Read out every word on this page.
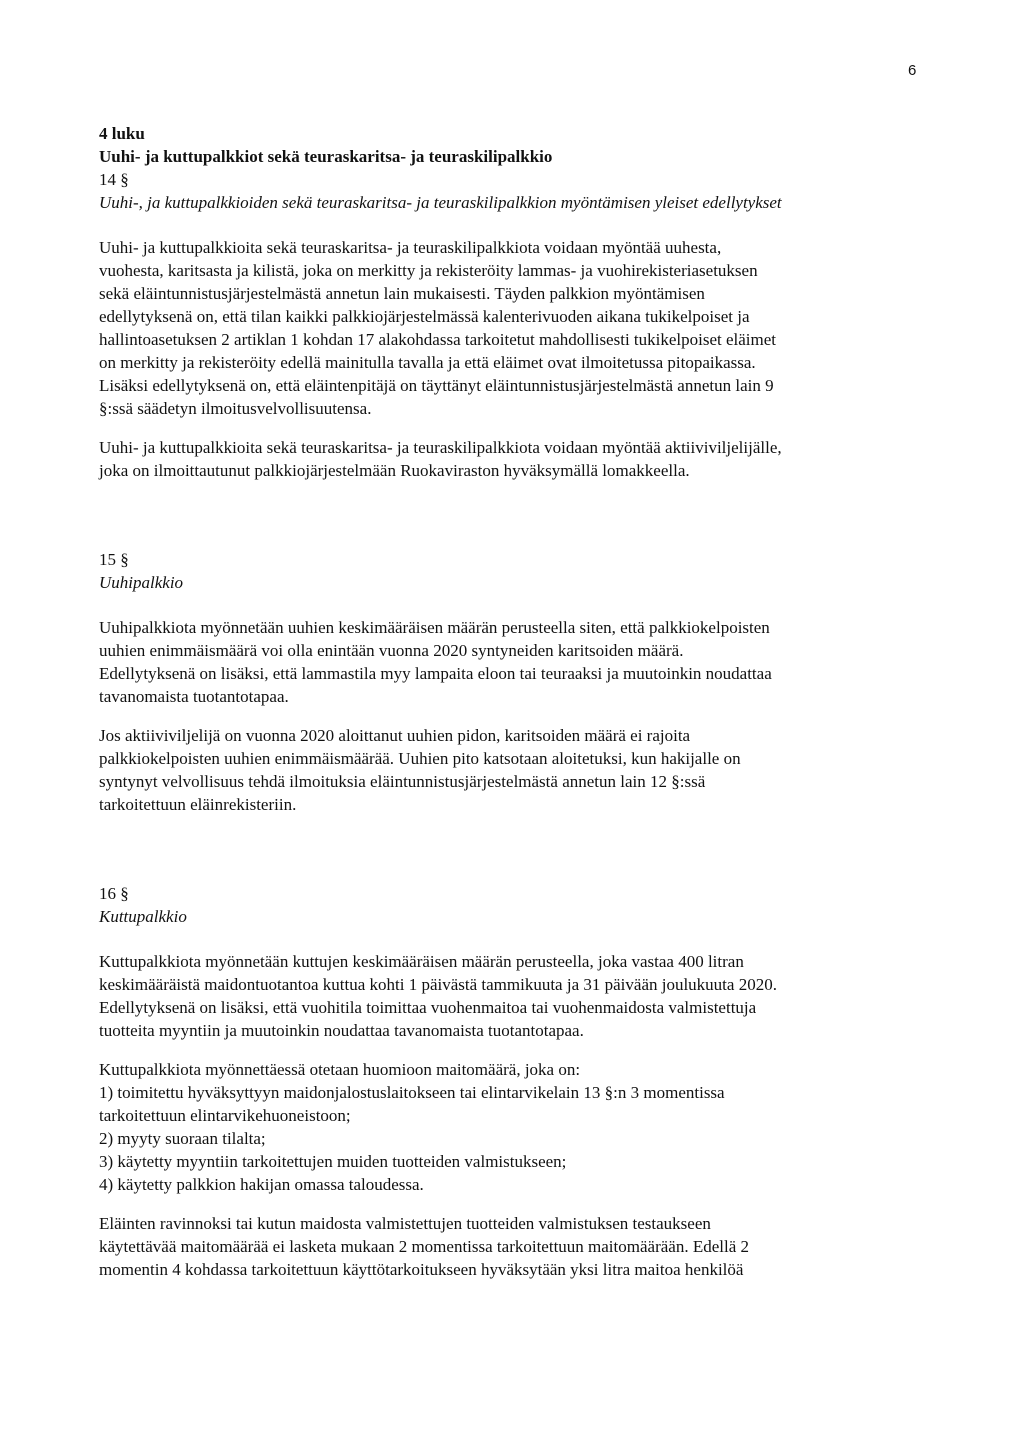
6
4 luku
Uuhi- ja kuttupalkkiot sekä teuraskaritsa- ja teuraskilipalkkio
14 §
Uuhi-, ja kuttupalkkioiden sekä teuraskaritsa- ja teuraskilipalkkion myöntämisen yleiset edellytykset
Uuhi- ja kuttupalkkioita sekä teuraskaritsa- ja teuraskilipalkkiota voidaan myöntää uuhesta,
vuohesta, karitsasta ja kilistä, joka on merkitty ja rekisteröity lammas- ja vuohirekisteriasetuksen
sekä eläintunnistusjärjestelmästä annetun lain mukaisesti. Täyden palkkion myöntämisen
edellytyksenä on, että tilan kaikki palkkiojärjestelmässä kalenterivuoden aikana tukikelpoiset ja
hallintoasetuksen 2 artiklan 1 kohdan 17 alakohdassa tarkoitetut mahdollisesti tukikelpoiset eläimet
on merkitty ja rekisteröity edellä mainitulla tavalla ja että eläimet ovat ilmoitetussa pitopaikassa.
Lisäksi edellytyksenä on, että eläintenpitäjä on täyttänyt eläintunnistusjärjestelmästä annetun lain 9
§:ssä säädetyn ilmoitusvelvollisuutensa.
Uuhi- ja kuttupalkkioita sekä teuraskaritsa- ja teuraskilipalkkiota voidaan myöntää aktiiviviljelijälle,
joka on ilmoittautunut palkkiojärjestelmään Ruokaviraston hyväksymällä lomakkeella.
15 §
Uuhipalkkio
Uuhipalkkiota myönnetään uuhien keskimääräisen määrän perusteella siten, että palkkiokelpoisten
uuhien enimmäismäärä voi olla enintään vuonna 2020 syntyneiden karitsoiden määrä.
Edellytyksenä on lisäksi, että lammastila myy lampaita eloon tai teuraaksi ja muutoinkin noudattaa
tavanomaista tuotantotapaa.
Jos aktiiviviljelijä on vuonna 2020 aloittanut uuhien pidon, karitsoiden määrä ei rajoita
palkkiokelpoisten uuhien enimmäismäärää. Uuhien pito katsotaan aloitetuksi, kun hakijalle on
syntynyt velvollisuus tehdä ilmoituksia eläintunnistusjärjestelmästä annetun lain 12 §:ssä
tarkoitettuun eläinrekisteriin.
16 §
Kuttupalkkio
Kuttupalkkiota myönnetään kuttujen keskimääräisen määrän perusteella, joka vastaa 400 litran
keskimääräistä maidontuotantoa kuttua kohti 1 päivästä tammikuuta ja 31 päivään joulukuuta 2020.
Edellytyksenä on lisäksi, että vuohitila toimittaa vuohenmaitoa tai vuohenmaidosta valmistettuja
tuotteita myyntiin ja muutoinkin noudattaa tavanomaista tuotantotapaa.
Kuttupalkkiota myönnettäessä otetaan huomioon maitomäärä, joka on:
1) toimitettu hyväksyttyyn maidonjalostuslaitokseen tai elintarvikelain 13 §:n 3 momentissa
tarkoitettuun elintarvikehuoneistoon;
2) myyty suoraan tilalta;
3) käytetty myyntiin tarkoitettujen muiden tuotteiden valmistukseen;
4) käytetty palkkion hakijan omassa taloudessa.
Eläinten ravinnoksi tai kutun maidosta valmistettujen tuotteiden valmistuksen testaukseen
käytettävää maitomäärää ei lasketa mukaan 2 momentissa tarkoitettuun maitomäärään. Edellä 2
momentin 4 kohdassa tarkoitettuun käyttötarkoitukseen hyväksytään yksi litra maitoa henkilöä
